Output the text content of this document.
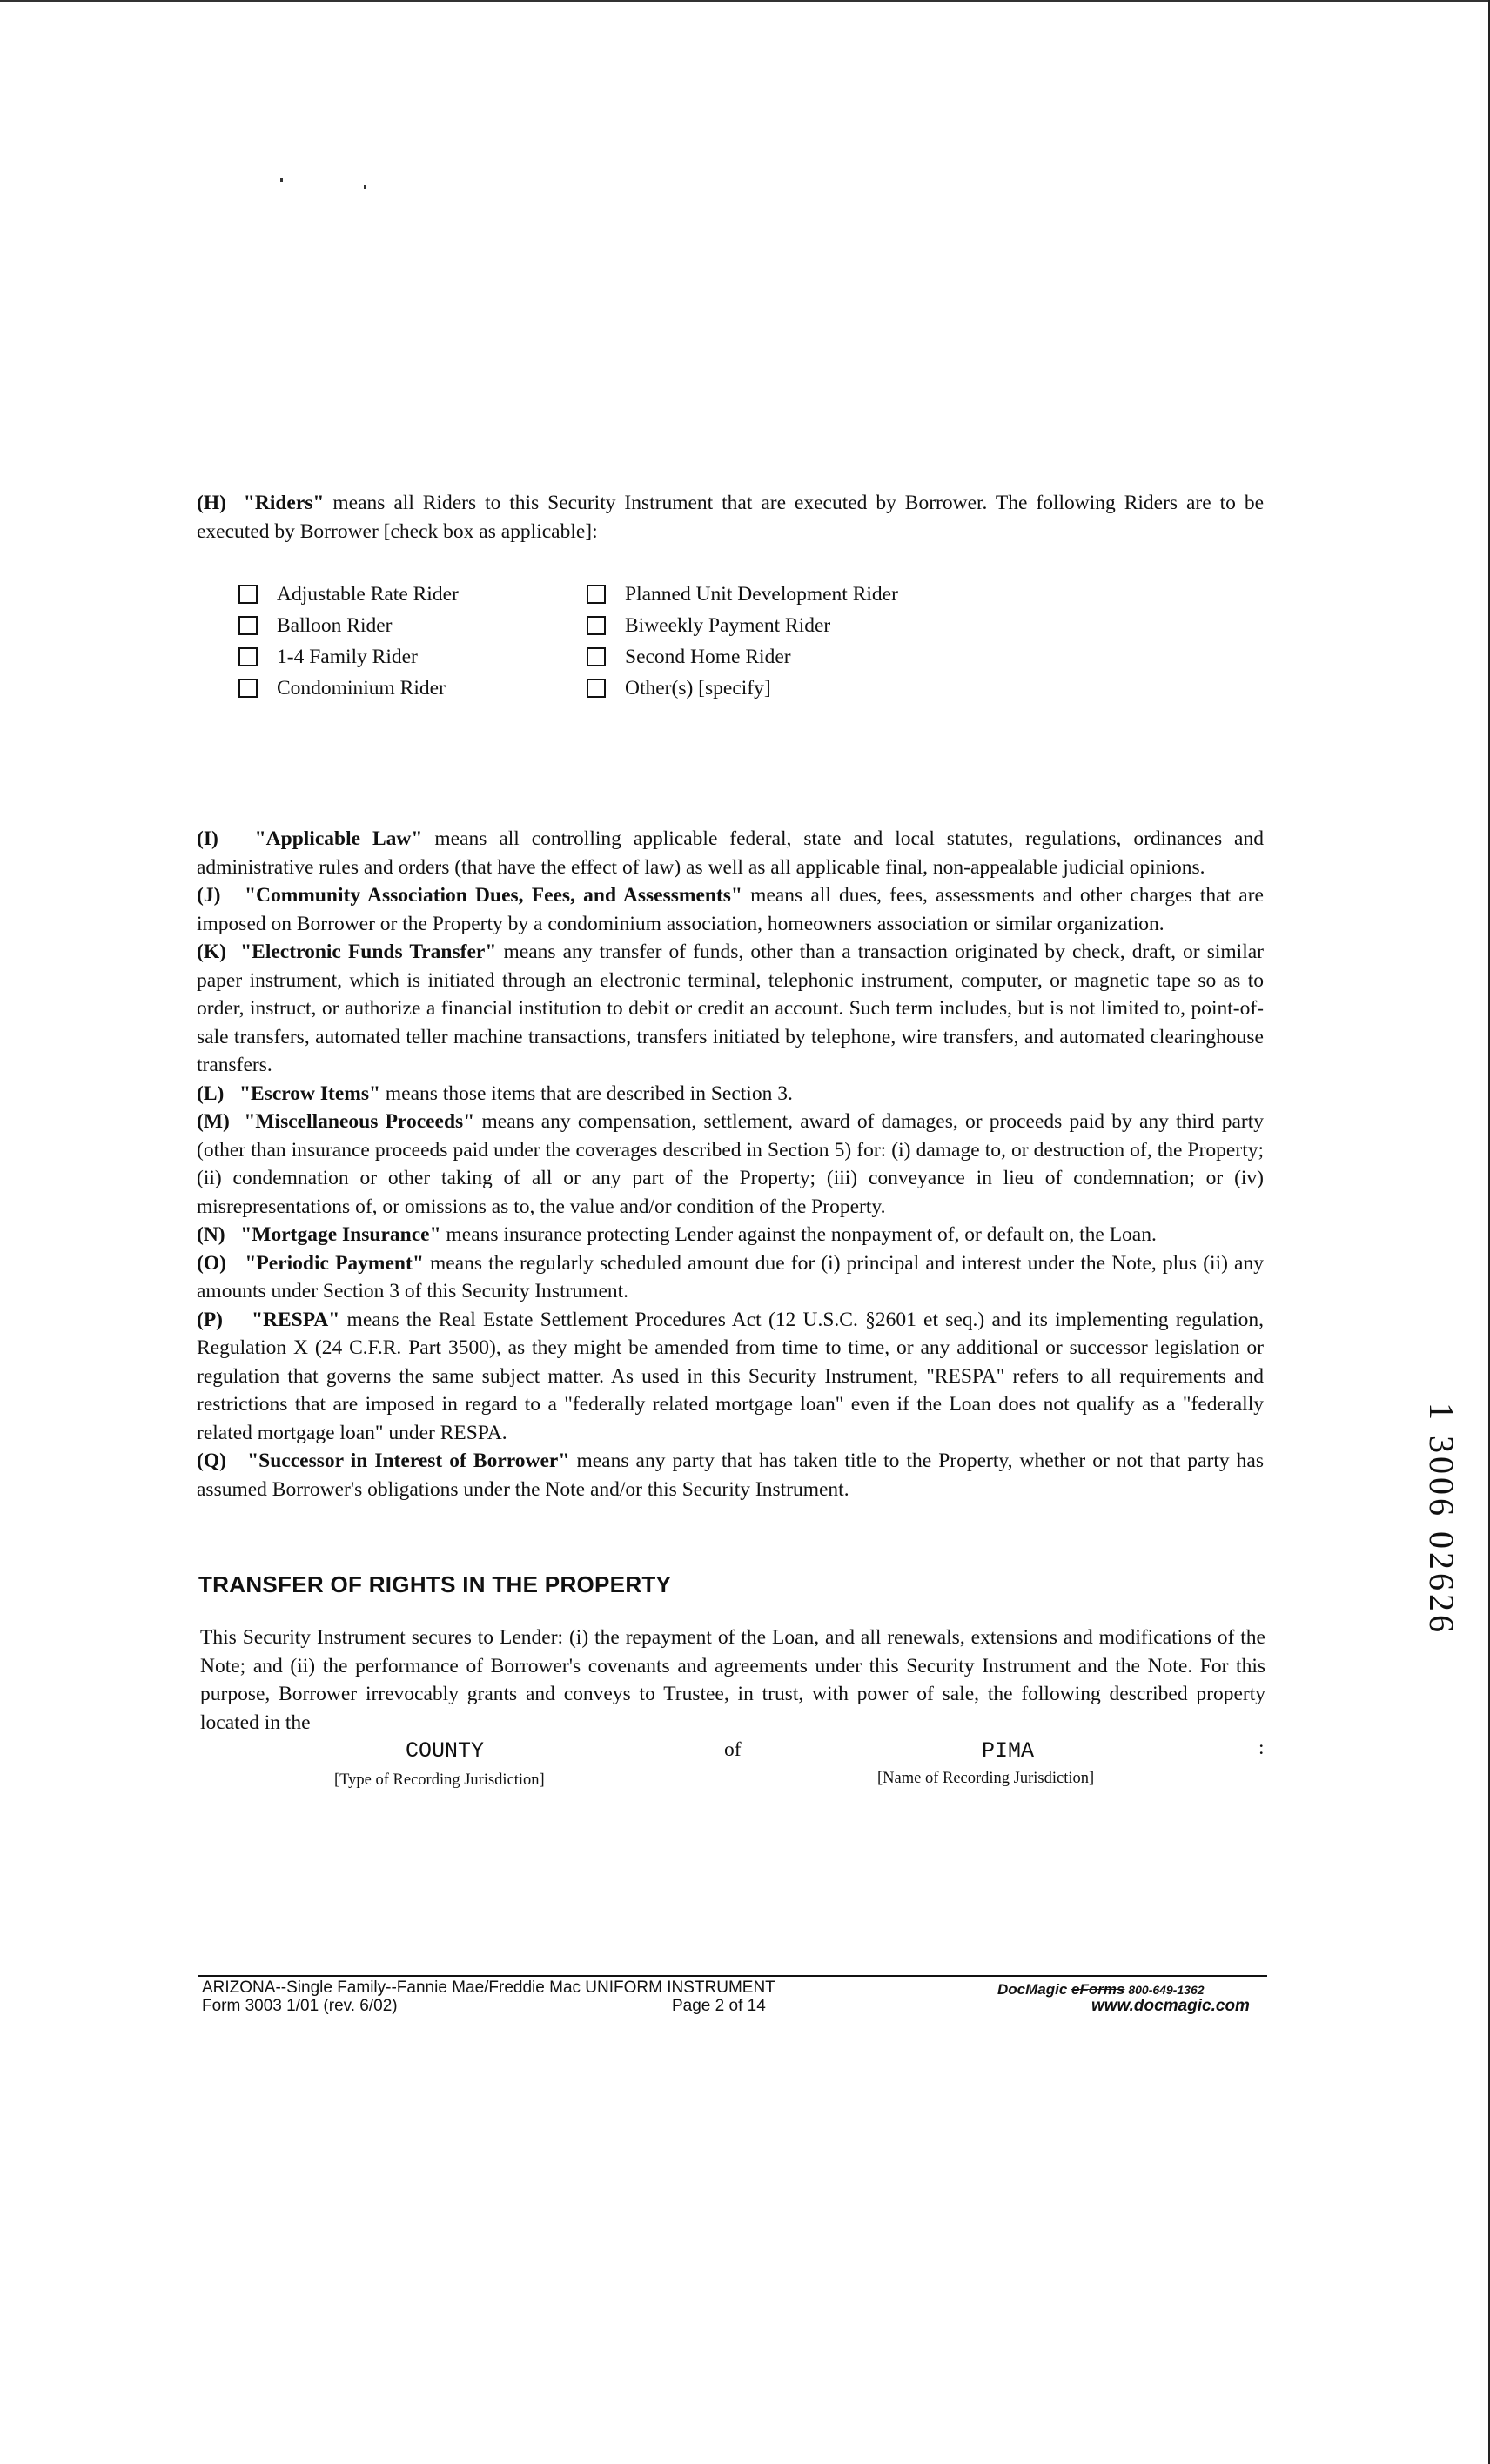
(H) "Riders" means all Riders to this Security Instrument that are executed by Borrower. The following Riders are to be executed by Borrower [check box as applicable]:
Adjustable Rate Rider
Balloon Rider
1-4 Family Rider
Condominium Rider
Planned Unit Development Rider
Biweekly Payment Rider
Second Home Rider
Other(s) [specify]

(I) "Applicable Law" means all controlling applicable federal, state and local statutes, regulations, ordinances and administrative rules and orders (that have the effect of law) as well as all applicable final, non-appealable judicial opinions.

(J) "Community Association Dues, Fees, and Assessments" means all dues, fees, assessments and other charges that are imposed on Borrower or the Property by a condominium association, homeowners association or similar organization.

(K) "Electronic Funds Transfer" means any transfer of funds, other than a transaction originated by check, draft, or similar paper instrument, which is initiated through an electronic terminal, telephonic instrument, computer, or magnetic tape so as to order, instruct, or authorize a financial institution to debit or credit an account. Such term includes, but is not limited to, point-of-sale transfers, automated teller machine transactions, transfers initiated by telephone, wire transfers, and automated clearinghouse transfers.

(L) "Escrow Items" means those items that are described in Section 3.

(M) "Miscellaneous Proceeds" means any compensation, settlement, award of damages, or proceeds paid by any third party (other than insurance proceeds paid under the coverages described in Section 5) for: (i) damage to, or destruction of, the Property; (ii) condemnation or other taking of all or any part of the Property; (iii) conveyance in lieu of condemnation; or (iv) misrepresentations of, or omissions as to, the value and/or condition of the Property.

(N) "Mortgage Insurance" means insurance protecting Lender against the nonpayment of, or default on, the Loan.

(O) "Periodic Payment" means the regularly scheduled amount due for (i) principal and interest under the Note, plus (ii) any amounts under Section 3 of this Security Instrument.

(P) "RESPA" means the Real Estate Settlement Procedures Act (12 U.S.C. §2601 et seq.) and its implementing regulation, Regulation X (24 C.F.R. Part 3500), as they might be amended from time to time, or any additional or successor legislation or regulation that governs the same subject matter. As used in this Security Instrument, "RESPA" refers to all requirements and restrictions that are imposed in regard to a "federally related mortgage loan" even if the Loan does not qualify as a "federally related mortgage loan" under RESPA.

(Q) "Successor in Interest of Borrower" means any party that has taken title to the Property, whether or not that party has assumed Borrower's obligations under the Note and/or this Security Instrument.

TRANSFER OF RIGHTS IN THE PROPERTY
This Security Instrument secures to Lender: (i) the repayment of the Loan, and all renewals, extensions and modifications of the Note; and (ii) the performance of Borrower's covenants and agreements under this Security Instrument and the Note. For this purpose, Borrower irrevocably grants and conveys to Trustee, in trust, with power of sale, the following described property located in the
COUNTY	of	PIMA	:
[Type of Recording Jurisdiction]	[Name of Recording Jurisdiction]
ARIZONA--Single Family--Fannie Mae/Freddie Mac UNIFORM INSTRUMENT
Form 3003 1/01 (rev. 6/02)	Page 2 of 14
DocMagic eForms 800-649-1362
www.docmagic.com
1 3006 02626
